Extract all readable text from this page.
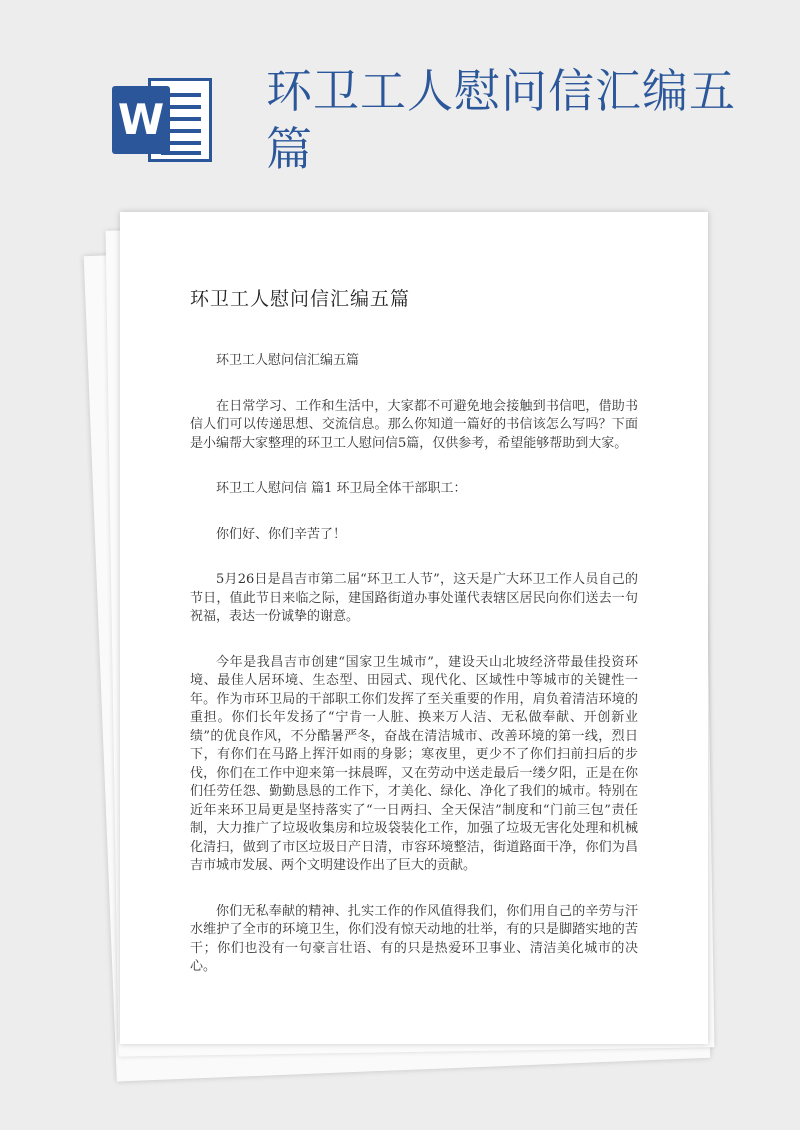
W
环卫工人慰问信汇编五篇
环卫工人慰问信汇编五篇

环卫工人慰问信汇编五篇

在日常学习、工作和生活中，大家都不可避免地会接触到书信吧，借助书信人们可以传递思想、交流信息。那么你知道一篇好的书信该怎么写吗？下面是小编帮大家整理的环卫工人慰问信5篇，仅供参考，希望能够帮助到大家。

环卫工人慰问信 篇1 环卫局全体干部职工：

你们好、你们辛苦了！

5月26日是昌吉市第二届“环卫工人节”，这天是广大环卫工作人员自己的节日，值此节日来临之际，建国路街道办事处谨代表辖区居民向你们送去一句祝福，表达一份诚挚的谢意。

今年是我昌吉市创建“国家卫生城市”，建设天山北坡经济带最佳投资环境、最佳人居环境、生态型、田园式、现代化、区域性中等城市的关键性一年。作为市环卫局的干部职工你们发挥了至关重要的作用，肩负着清洁环境的重担。你们长年发扬了“宁肯一人脏、换来万人洁、无私做奉献、开创新业绩”的优良作风，不分酷暑严冬，奋战在清洁城市、改善环境的第一线，烈日下，有你们在马路上挥汗如雨的身影；寒夜里，更少不了你们扫前扫后的步伐，你们在工作中迎来第一抹晨晖，又在劳动中送走最后一缕夕阳，正是在你们任劳任怨、勤勤恳恳的工作下，才美化、绿化、净化了我们的城市。特别在近年来环卫局更是坚持落实了“一日两扫、全天保洁”制度和“门前三包”责任制，大力推广了垃圾收集房和垃圾袋装化工作，加强了垃圾无害化处理和机械化清扫，做到了市区垃圾日产日清，市容环境整洁，街道路面干净，你们为昌吉市城市发展、两个文明建设作出了巨大的贡献。

你们无私奉献的精神、扎实工作的作风值得我们，你们用自己的辛劳与汗水维护了全市的环境卫生，你们没有惊天动地的壮举，有的只是脚踏实地的苦干；你们也没有一句豪言壮语、有的只是热爱环卫事业、清洁美化城市的决心。
